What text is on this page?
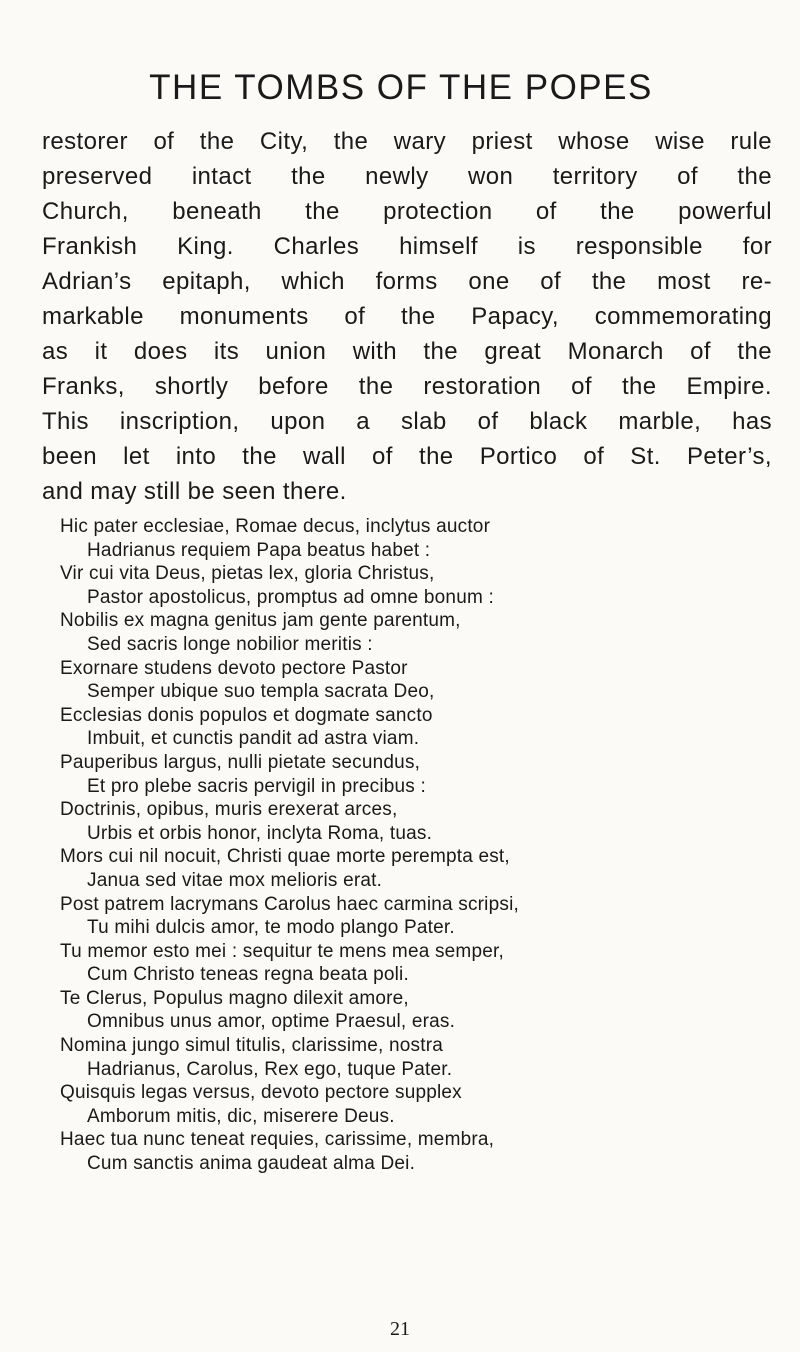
THE TOMBS OF THE POPES
restorer of the City, the wary priest whose wise rule
preserved intact the newly won territory of the
Church, beneath the protection of the powerful
Frankish King. Charles himself is responsible for
Adrian’s epitaph, which forms one of the most re-
markable monuments of the Papacy, commemorating
as it does its union with the great Monarch of the
Franks, shortly before the restoration of the Empire.
This inscription, upon a slab of black marble, has
been let into the wall of the Portico of St. Peter’s,
and may still be seen there.
Hic pater ecclesiae, Romae decus, inclytus auctor
Hadrianus requiem Papa beatus habet :
Vir cui vita Deus, pietas lex, gloria Christus,
Pastor apostolicus, promptus ad omne bonum :
Nobilis ex magna genitus jam gente parentum,
Sed sacris longe nobilior meritis :
Exornare studens devoto pectore Pastor
Semper ubique suo templa sacrata Deo,
Ecclesias donis populos et dogmate sancto
Imbuit, et cunctis pandit ad astra viam.
Pauperibus largus, nulli pietate secundus,
Et pro plebe sacris pervigil in precibus :
Doctrinis, opibus, muris erexerat arces,
Urbis et orbis honor, inclyta Roma, tuas.
Mors cui nil nocuit, Christi quae morte perempta est,
Janua sed vitae mox melioris erat.
Post patrem lacrymans Carolus haec carmina scripsi,
Tu mihi dulcis amor, te modo plango Pater.
Tu memor esto mei : sequitur te mens mea semper,
Cum Christo teneas regna beata poli.
Te Clerus, Populus magno dilexit amore,
Omnibus unus amor, optime Praesul, eras.
Nomina jungo simul titulis, clarissime, nostra
Hadrianus, Carolus, Rex ego, tuque Pater.
Quisquis legas versus, devoto pectore supplex
Amborum mitis, dic, miserere Deus.
Haec tua nunc teneat requies, carissime, membra,
Cum sanctis anima gaudeat alma Dei.
21
